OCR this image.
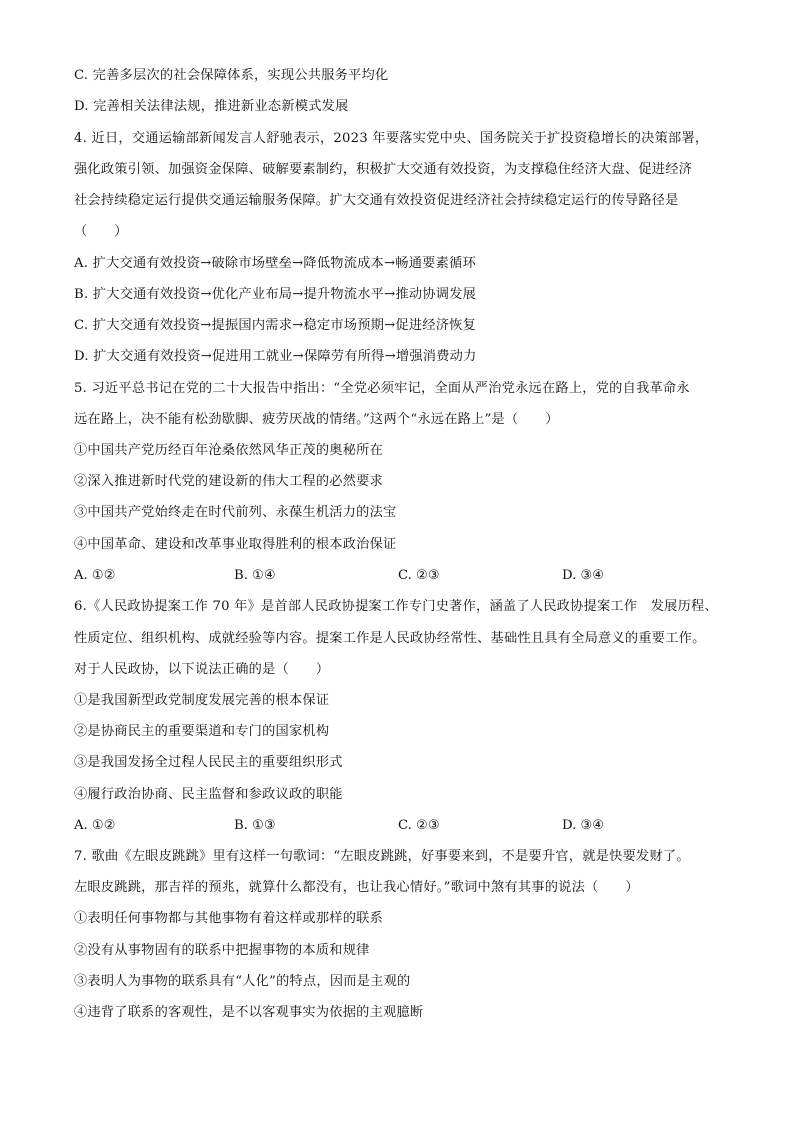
C. 完善多层次的社会保障体系，实现公共服务平均化
D. 完善相关法律法规，推进新业态新模式发展
4. 近日，交通运输部新闻发言人舒驰表示，2023 年要落实党中央、国务院关于扩投资稳增长的决策部署，
强化政策引领、加强资金保障、破解要素制约，积极扩大交通有效投资，为支撑稳住经济大盘、促进经济
社会持续稳定运行提供交通运输服务保障。扩大交通有效投资促进经济社会持续稳定运行的传导路径是
（　　）
A. 扩大交通有效投资→破除市场壁垒→降低物流成本→畅通要素循环
B. 扩大交通有效投资→优化产业布局→提升物流水平→推动协调发展
C. 扩大交通有效投资→提振国内需求→稳定市场预期→促进经济恢复
D. 扩大交通有效投资→促进用工就业→保障劳有所得→增强消费动力
5. 习近平总书记在党的二十大报告中指出：“全党必须牢记，全面从严治党永远在路上，党的自我革命永
远在路上，决不能有松劲歇脚、疲劳厌战的情绪。”这两个“永远在路上”是（　　）
①中国共产党历经百年沧桑依然风华正茂的奥秘所在
②深入推进新时代党的建设新的伟大工程的必然要求
③中国共产党始终走在时代前列、永葆生机活力的法宝
④中国革命、建设和改革事业取得胜利的根本政治保证
A. ①②	B. ①④	C. ②③	D. ③④
6.《人民政协提案工作 70 年》是首部人民政协提案工作专门史著作，涵盖了人民政协提案工作　发展历程、
性质定位、组织机构、成就经验等内容。提案工作是人民政协经常性、基础性且具有全局意义的重要工作。
对于人民政协，以下说法正确的是（　　）
①是我国新型政党制度发展完善的根本保证
②是协商民主的重要渠道和专门的国家机构
③是我国发扬全过程人民民主的重要组织形式
④履行政治协商、民主监督和参政议政的职能
A. ①②	B. ①③	C. ②③	D. ③④
7. 歌曲《左眼皮跳跳》里有这样一句歌词：“左眼皮跳跳，好事要来到，不是要升官，就是快要发财了。
左眼皮跳跳，那吉祥的预兆，就算什么都没有，也让我心情好。”歌词中煞有其事的说法（　　）
①表明任何事物都与其他事物有着这样或那样的联系
②没有从事物固有的联系中把握事物的本质和规律
③表明人为事物的联系具有“人化”的特点，因而是主观的
④违背了联系的客观性，是不以客观事实为依据的主观臆断
